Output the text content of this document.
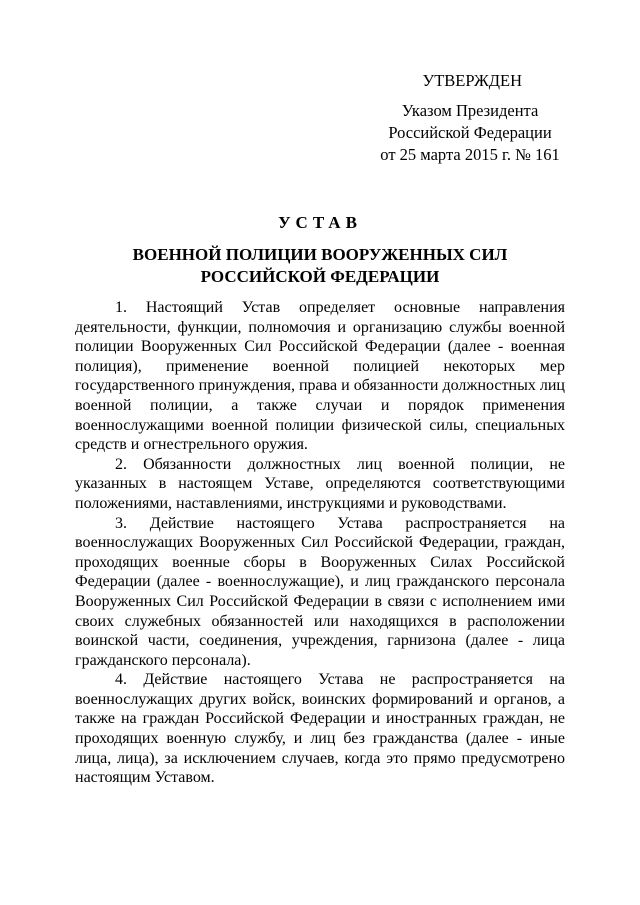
УТВЕРЖДЕН
Указом Президента
Российской Федерации
от 25 марта 2015 г. № 161
УСТАВ
ВОЕННОЙ ПОЛИЦИИ ВООРУЖЕННЫХ СИЛ
РОССИЙСКОЙ ФЕДЕРАЦИИ

1. Настоящий Устав определяет основные направления деятельности, функции, полномочия и организацию службы военной полиции Вооруженных Сил Российской Федерации (далее - военная полиция), применение военной полицией некоторых мер государственного принуждения, права и обязанности должностных лиц военной полиции, а также случаи и порядок применения военнослужащими военной полиции физической силы, специальных средств и огнестрельного оружия.

2. Обязанности должностных лиц военной полиции, не указанных в настоящем Уставе, определяются соответствующими положениями, наставлениями, инструкциями и руководствами.

3. Действие настоящего Устава распространяется на военнослужащих Вооруженных Сил Российской Федерации, граждан, проходящих военные сборы в Вооруженных Силах Российской Федерации (далее - военнослужащие), и лиц гражданского персонала Вооруженных Сил Российской Федерации в связи с исполнением ими своих служебных обязанностей или находящихся в расположении воинской части, соединения, учреждения, гарнизона (далее - лица гражданского персонала).

4. Действие настоящего Устава не распространяется на военнослужащих других войск, воинских формирований и органов, а также на граждан Российской Федерации и иностранных граждан, не проходящих военную службу, и лиц без гражданства (далее - иные лица, лица), за исключением случаев, когда это прямо предусмотрено настоящим Уставом.
